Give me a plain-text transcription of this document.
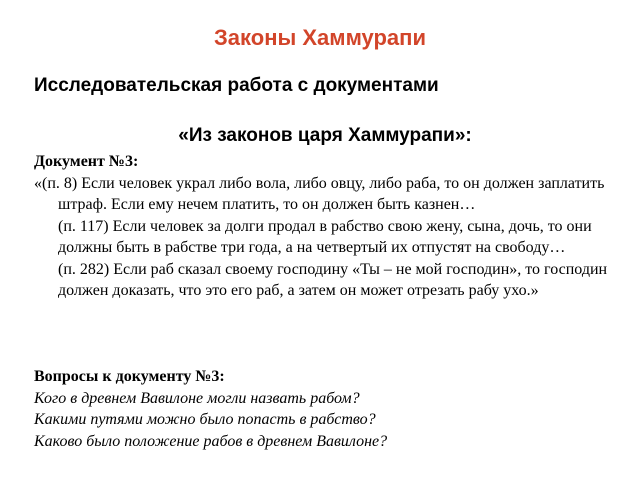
Законы Хаммурапи
Исследовательская работа с документами
«Из законов царя Хаммурапи»:
Документ №3:
«(п. 8) Если человек украл либо вола, либо овцу, либо раба, то он должен заплатить штраф. Если ему нечем платить, то он должен быть казнен…
(п. 117) Если человек за долги продал в рабство свою жену, сына, дочь, то они должны быть в рабстве три года, а на четвертый их отпустят на свободу…
(п. 282) Если раб сказал своему господину «Ты – не мой господин», то господин должен доказать, что это его раб, а затем он может отрезать рабу ухо.»
Вопросы к документу №3:
Кого в древнем Вавилоне могли назвать рабом?
Какими путями можно было попасть в рабство?
Каково было положение рабов в древнем Вавилоне?
